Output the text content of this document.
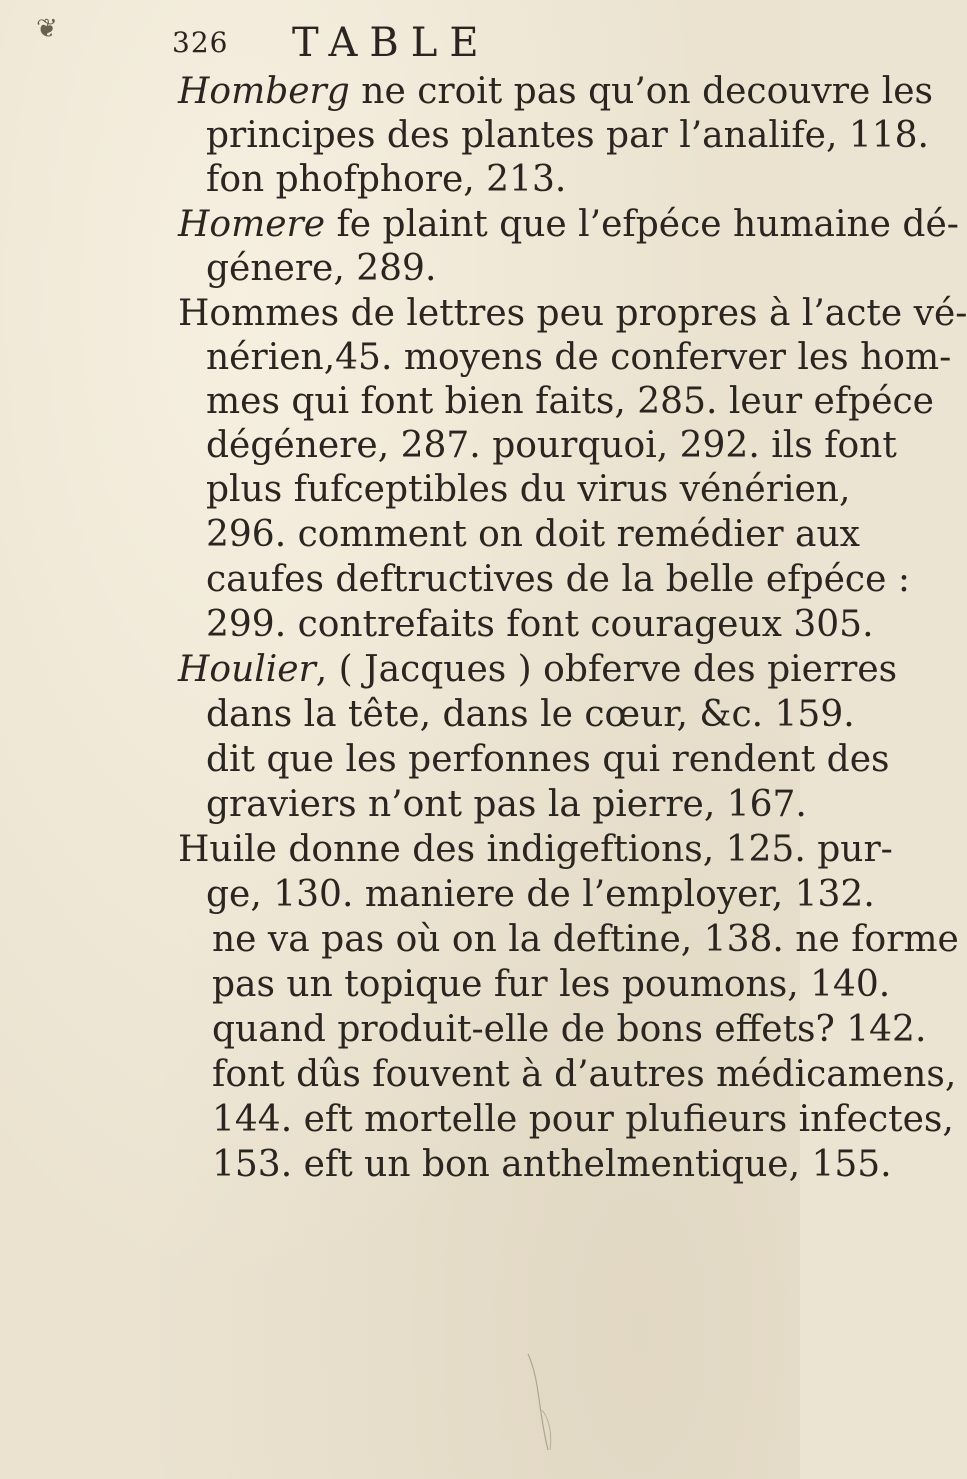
❦	326 TABLE
Homberg ne croit pas qu’on decouvre les
principes des plantes par l’analife, 118.
fon phofphore, 213.
Homere fe plaint que l’efpéce humaine dé-
génere, 289.
Hommes de lettres peu propres à l’acte vé-
nérien,45. moyens de conferver les hom-
mes qui font bien faits, 285. leur efpéce
dégénere, 287. pourquoi, 292. ils font
plus fufceptibles du virus vénérien,
296. comment on doit remédier aux
caufes deftructives de la belle efpéce :
299. contrefaits font courageux 305.
Houlier, ( Jacques ) obferve des pierres
dans la tête, dans le cœur, &c. 159.
dit que les perfonnes qui rendent des
graviers n’ont pas la pierre, 167.
Huile donne des indigeftions, 125. pur-
ge, 130. maniere de l’employer, 132.
ne va pas où on la deftine, 138. ne forme
pas un topique fur les poumons, 140.
quand produit-elle de bons effets? 142.
font dûs fouvent à d’autres médicamens,
144. eft mortelle pour plufieurs infectes,
153. eft un bon anthelmentique, 155.
